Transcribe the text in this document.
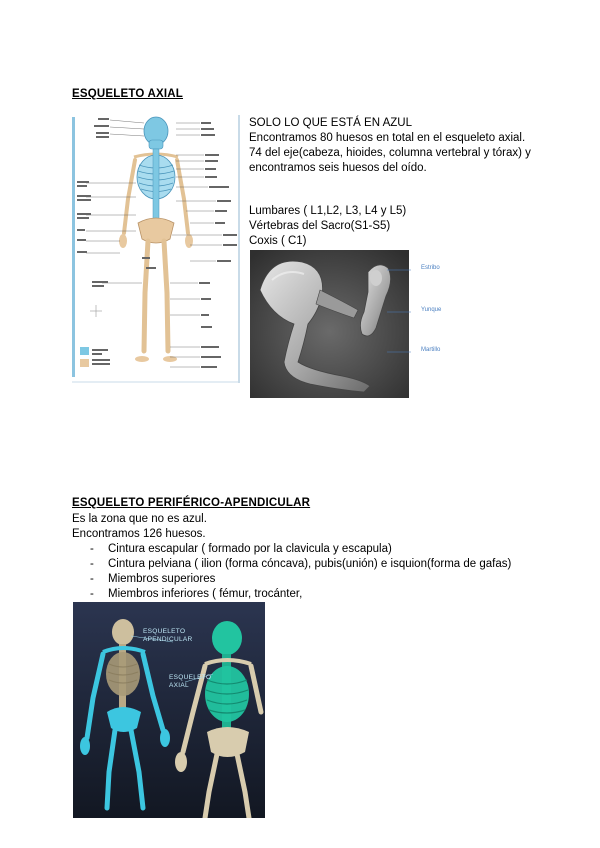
ESQUELETO AXIAL
SOLO LO QUE ESTÁ EN AZUL
Encontramos 80 huesos en total en el esqueleto axial.
74 del eje(cabeza, hioides, columna vertebral y tórax) y
encontramos seis huesos del oído.
Lumbares ( L1,L2, L3, L4 y L5)
Vértebras del Sacro(S1-S5)
Coxis ( C1)
Estribo
Yunque
Martillo
ESQUELETO PERIFÉRICO-APENDICULAR
Es la zona que no es azul.
Encontramos 126 huesos.
- Cintura escapular ( formado por la clavicula y escapula)
- Cintura pelviana ( ilion (forma cóncava), pubis(unión) e isquion(forma de gafas)
- Miembros superiores
- Miembros inferiores ( fémur, trocánter,
ESQUELETO APENDICULAR
ESQUELETO AXIAL
